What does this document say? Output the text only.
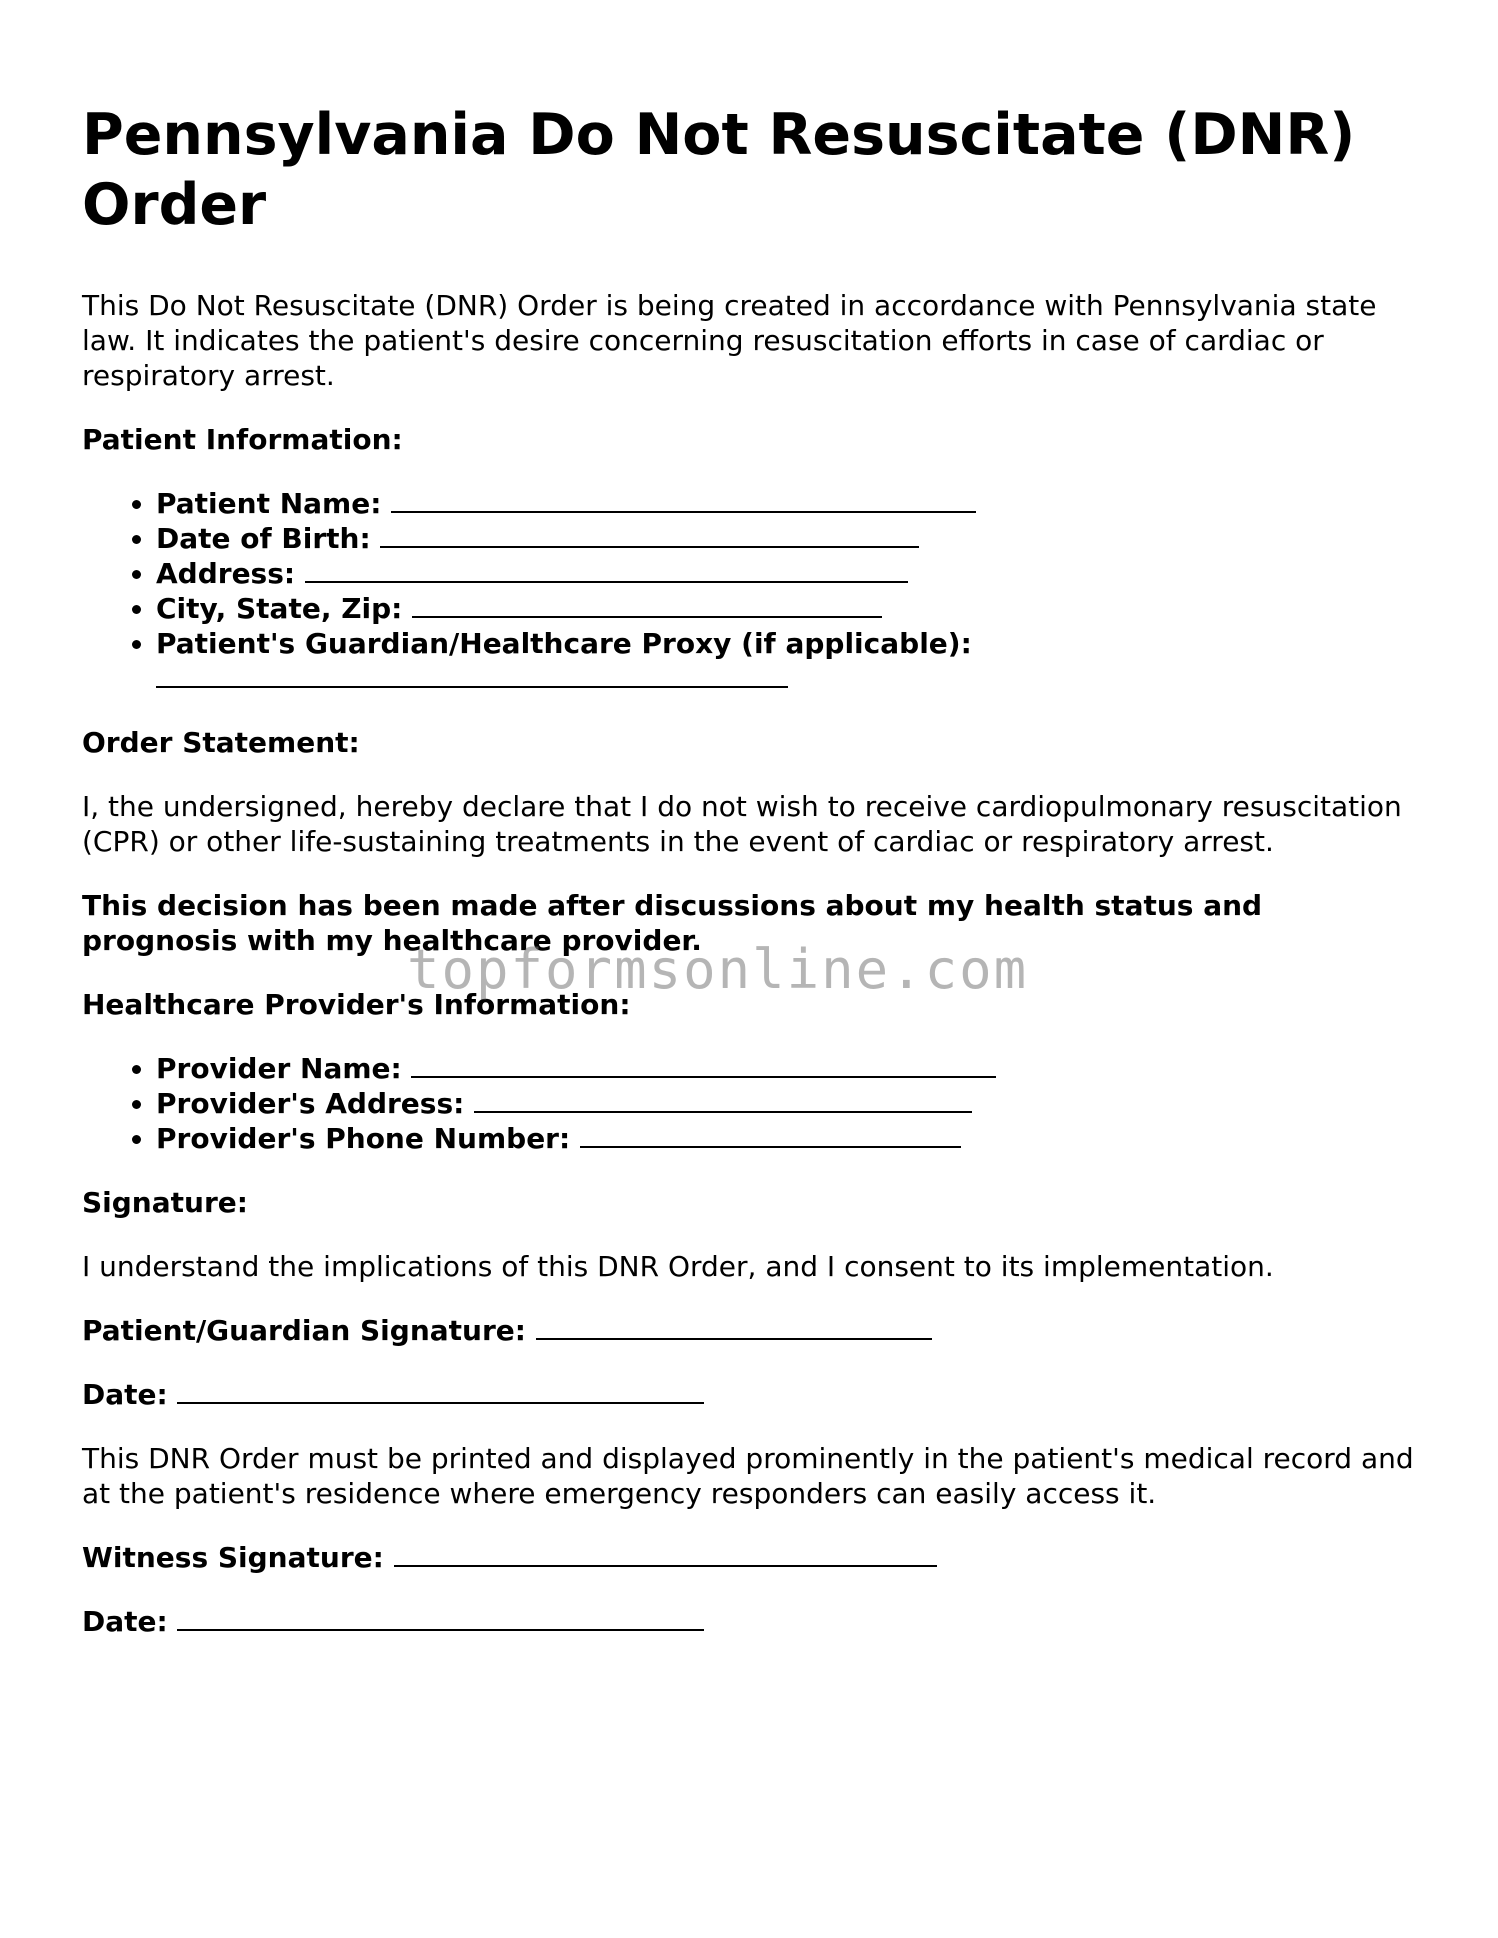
Pennsylvania Do Not Resuscitate (DNR) Order

This Do Not Resuscitate (DNR) Order is being created in accordance with Pennsylvania state law. It indicates the patient's desire concerning resuscitation efforts in case of cardiac or respiratory arrest.

Patient Information:

• Patient Name:
• Date of Birth:
• Address:
• City, State, Zip:
• Patient's Guardian/Healthcare Proxy (if applicable):

Order Statement:

I, the undersigned, hereby declare that I do not wish to receive cardiopulmonary resuscitation (CPR) or other life-sustaining treatments in the event of cardiac or respiratory arrest.

This decision has been made after discussions about my health status and prognosis with my healthcare provider.

Healthcare Provider's Information:

• Provider Name:
• Provider's Address:
• Provider's Phone Number:

Signature:

I understand the implications of this DNR Order, and I consent to its implementation.

Patient/Guardian Signature:

Date:

This DNR Order must be printed and displayed prominently in the patient's medical record and at the patient's residence where emergency responders can easily access it.

Witness Signature:

Date:

topformsonline.com
